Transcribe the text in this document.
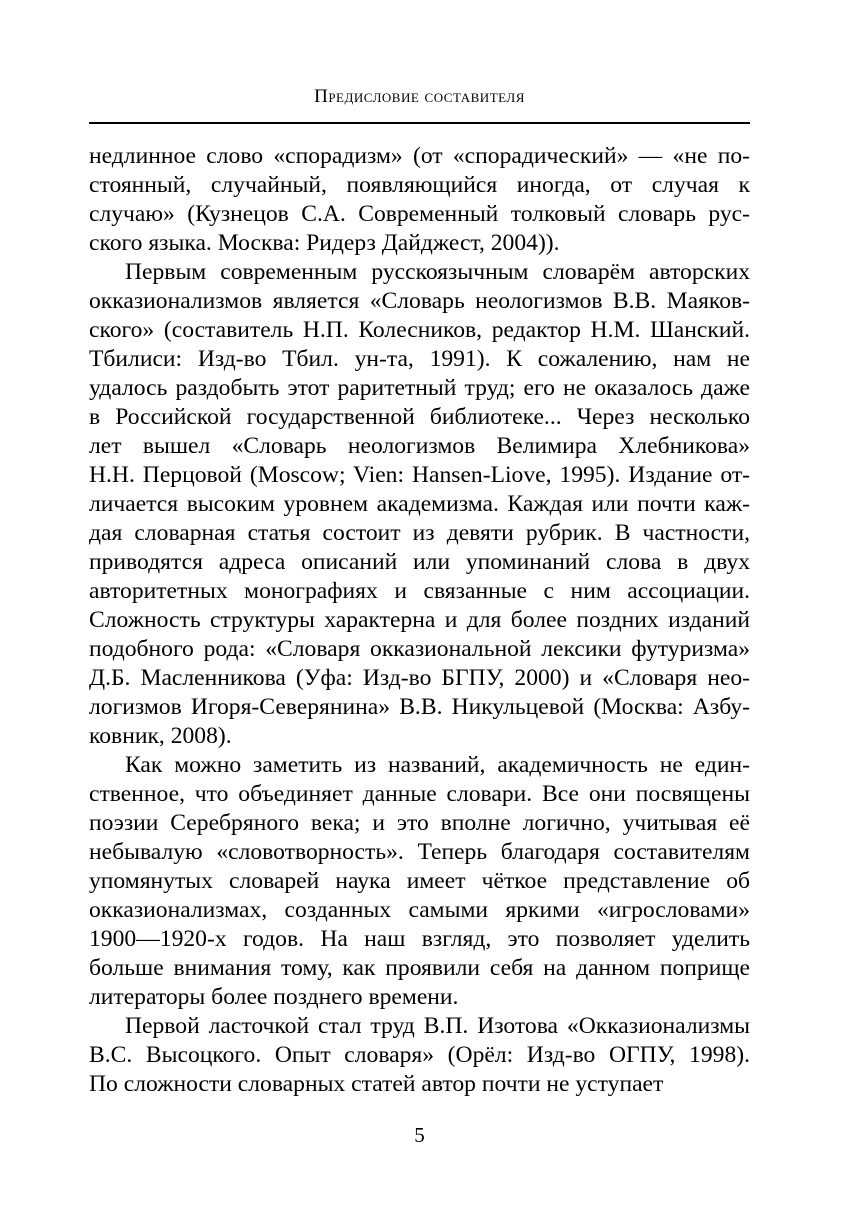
Предисловие составителя
недлинное слово «спорадизм» (от «спорадический» — «не по-
стоянный, случайный, появляющийся иногда, от случая к
случаю» (Кузнецов С.А. Современный толковый словарь рус-
ского языка. Москва: Ридерз Дайджест, 2004)).
Первым современным русскоязычным словарём авторских
окказионализмов является «Словарь неологизмов В.В. Маяков-
ского» (составитель Н.П. Колесников, редактор Н.М. Шанский.
Тбилиси: Изд-во Тбил. ун-та, 1991). К сожалению, нам не
удалось раздобыть этот раритетный труд; его не оказалось даже
в Российской государственной библиотеке... Через несколько
лет вышел «Словарь неологизмов Велимира Хлебникова»
Н.Н. Перцовой (Moscow; Vien: Hansen-Liove, 1995). Издание от-
личается высоким уровнем академизма. Каждая или почти каж-
дая словарная статья состоит из девяти рубрик. В частности,
приводятся адреса описаний или упоминаний слова в двух
авторитетных монографиях и связанные с ним ассоциации.
Сложность структуры характерна и для более поздних изданий
подобного рода: «Словаря окказиональной лексики футуризма»
Д.Б. Масленникова (Уфа: Изд-во БГПУ, 2000) и «Словаря нео-
логизмов Игоря-Северянина» В.В. Никульцевой (Москва: Азбу-
ковник, 2008).
Как можно заметить из названий, академичность не един-
ственное, что объединяет данные словари. Все они посвящены
поэзии Серебряного века; и это вполне логично, учитывая её
небывалую «словотворность». Теперь благодаря составителям
упомянутых словарей наука имеет чёткое представление об
окказионализмах, созданных самыми яркими «игрословами»
1900—1920-х годов. На наш взгляд, это позволяет уделить
больше внимания тому, как проявили себя на данном поприще
литераторы более позднего времени.
Первой ласточкой стал труд В.П. Изотова «Окказионализмы
В.С. Высоцкого. Опыт словаря» (Орёл: Изд-во ОГПУ, 1998).
По сложности словарных статей автор почти не уступает
5
